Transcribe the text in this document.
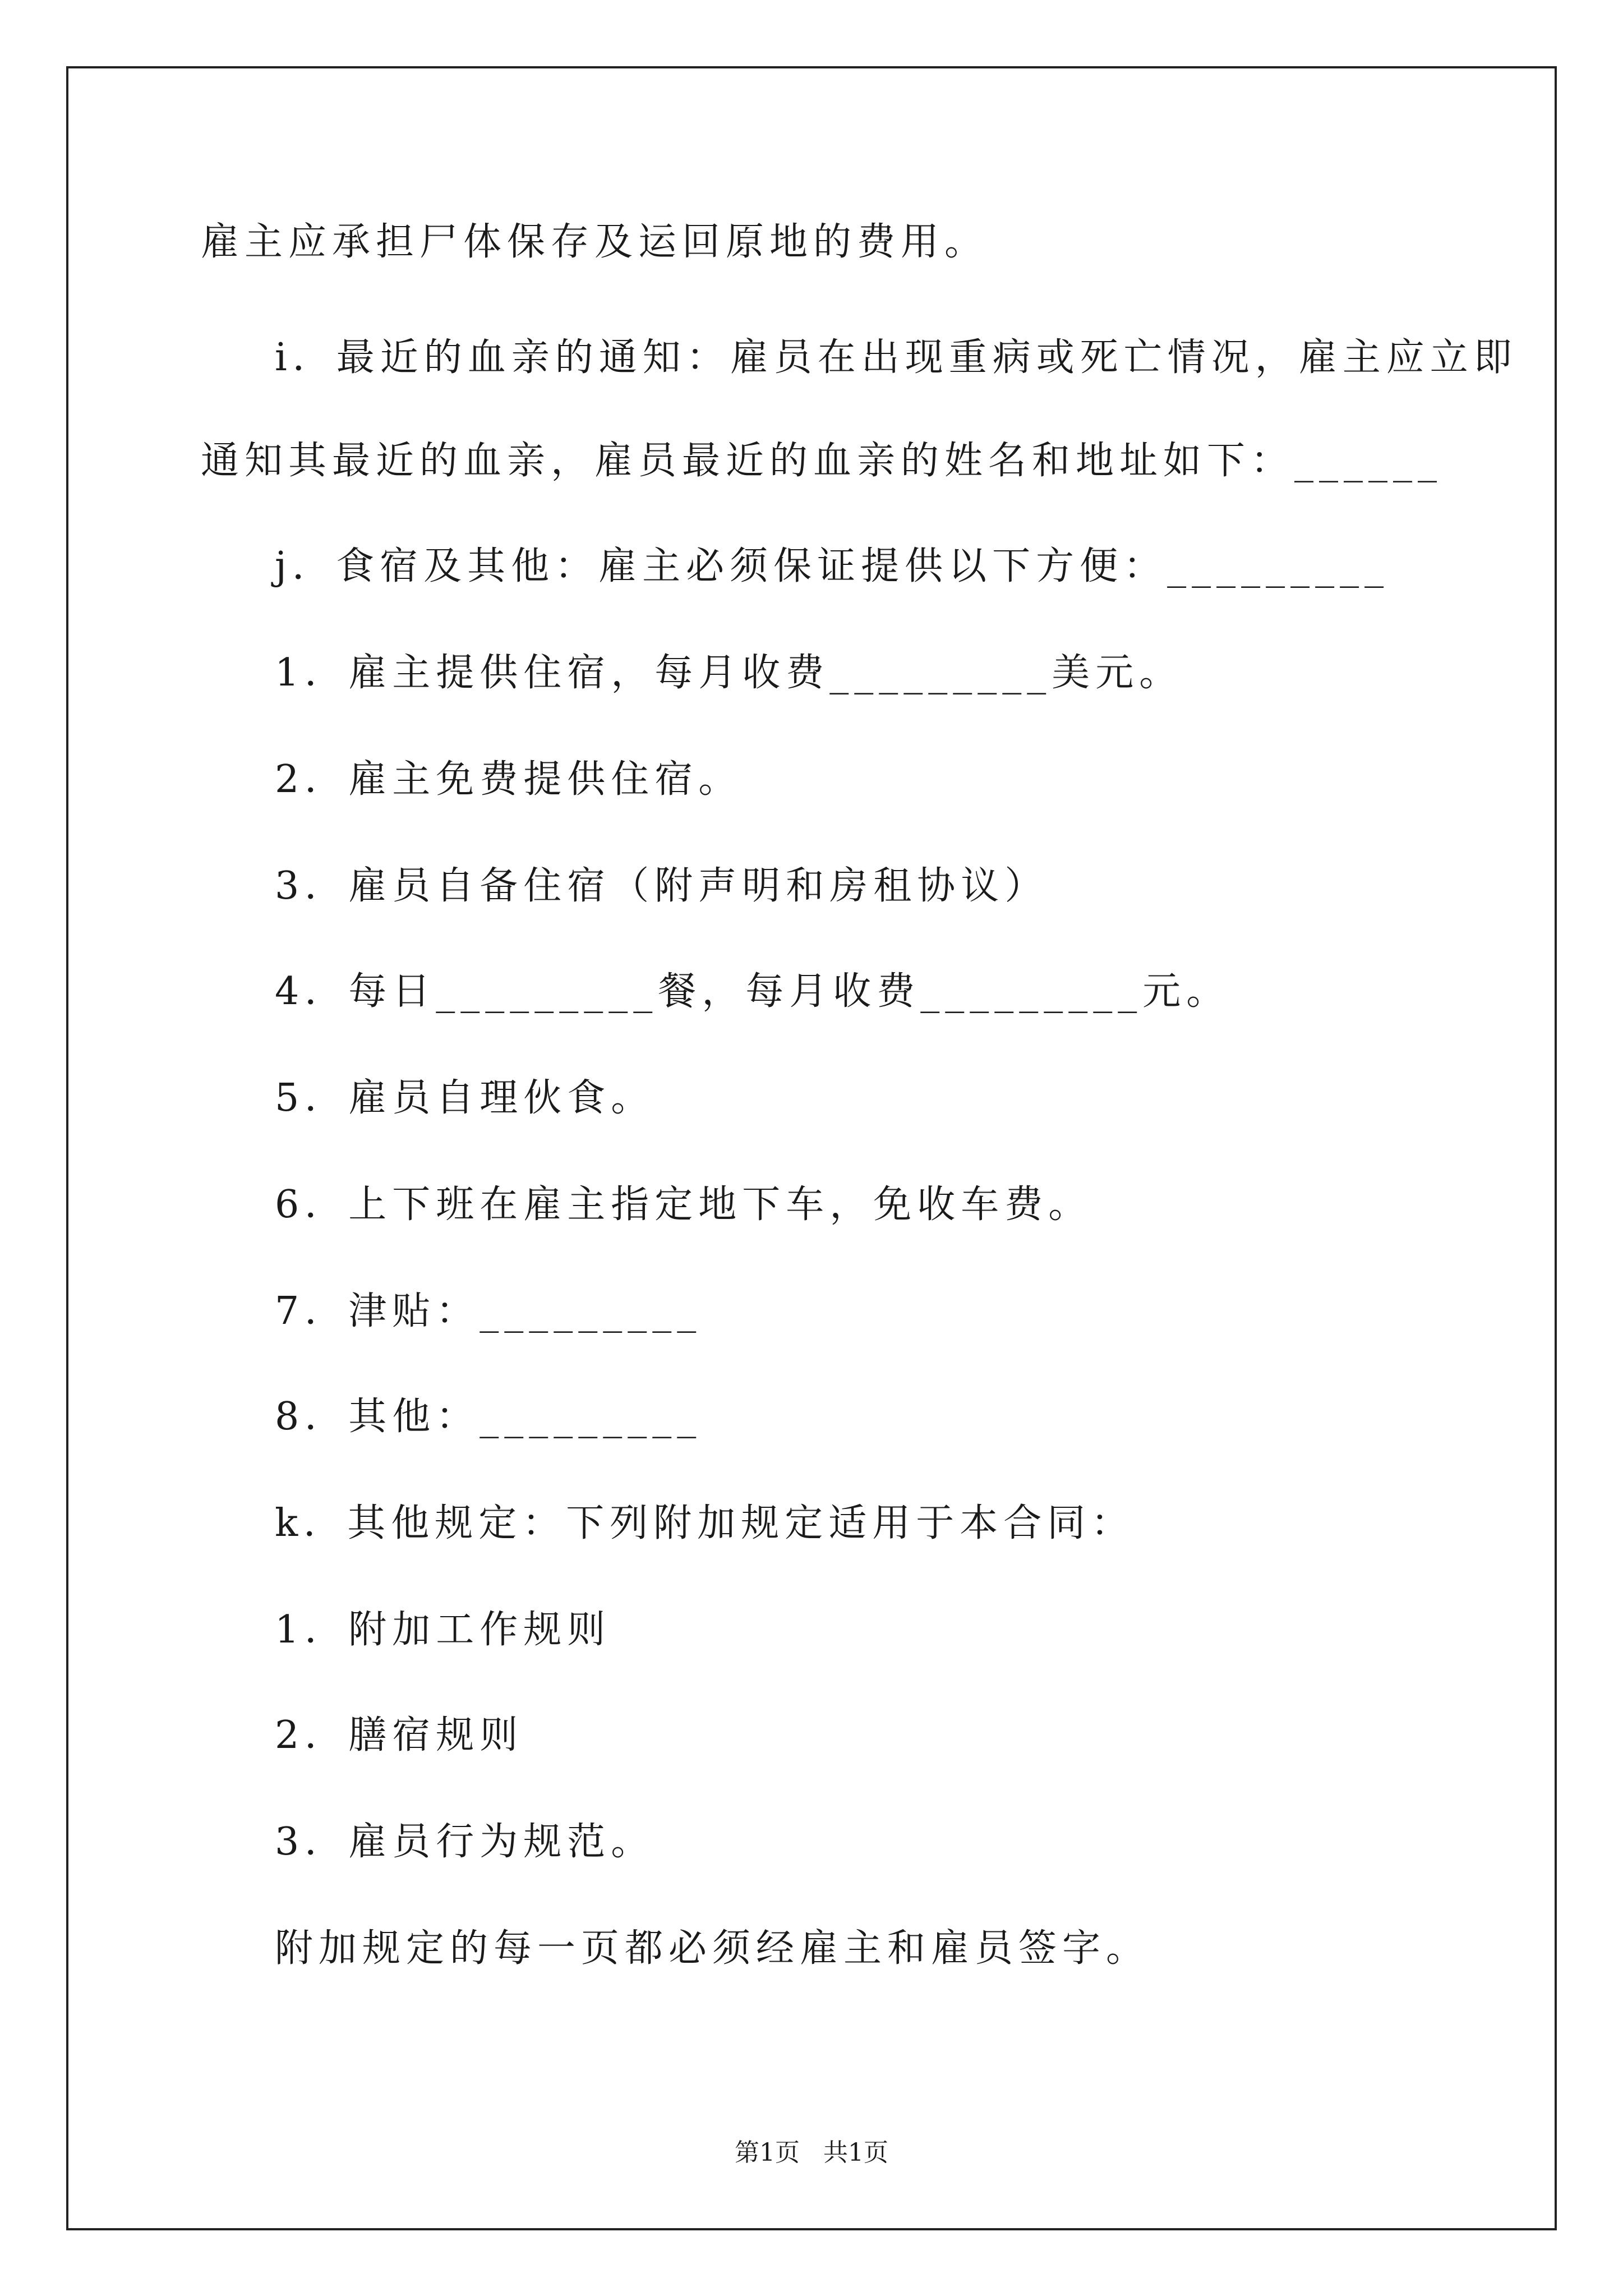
雇主应承担尸体保存及运回原地的费用。
i．最近的血亲的通知：雇员在出现重病或死亡情况，雇主应立即
通知其最近的血亲，雇员最近的血亲的姓名和地址如下：______
j．食宿及其他：雇主必须保证提供以下方便：_________
1．雇主提供住宿，每月收费_________美元。
2．雇主免费提供住宿。
3．雇员自备住宿（附声明和房租协议）
4．每日_________餐，每月收费_________元。
5．雇员自理伙食。
6．上下班在雇主指定地下车，免收车费。
7．津贴：_________
8．其他：_________
k．其他规定：下列附加规定适用于本合同：
1．附加工作规则
2．膳宿规则
3．雇员行为规范。
附加规定的每一页都必须经雇主和雇员签字。
第1页 共1页
